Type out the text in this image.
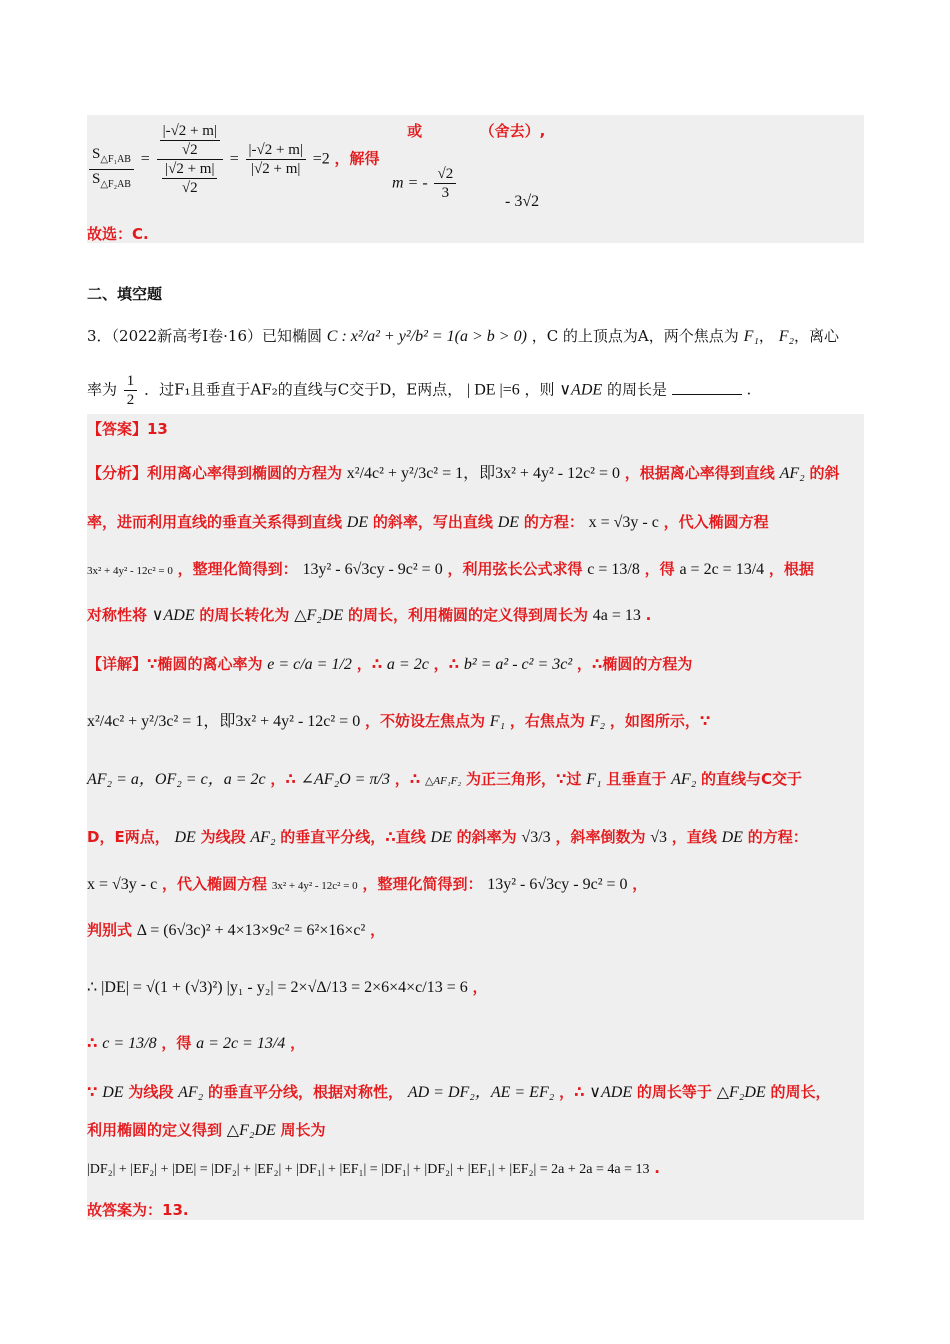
$\frac{S_{\triangle F_1AB}}{S_{\triangle F_2AB}} = \frac{\frac{|-√2 + m|}{√2}}{\frac{|√2 + m|}{√2}} = \frac{|-√2 + m|}{|√2 + m|} =2$ ，解得  或	（舍去）,
m = - $\frac{√2}{3}$	- 3√2
故选：C.
二、填空题
3．（2022新高考Ⅰ卷·16）已知椭圆 C : x²/a² + y²/b² = 1(a > b > 0) ，C 的上顶点为A，两个焦点为 F₁， F₂，离心
率为 $\frac{1}{2}$ ．过F₁且垂直于AF₂的直线与C交于D，E两点， | DE |=6 ，则 ∨ADE 的周长是	.
【答案】13
【分析】利用离心率得到椭圆的方程为 x²/4c² + y²/3c² = 1，即3x² + 4y² - 12c² = 0 ，根据离心率得到直线 AF₂ 的斜
率，进而利用直线的垂直关系得到直线 DE 的斜率，写出直线 DE 的方程： x = √3y - c ，代入椭圆方程
3x² + 4y² - 12c² = 0 ，整理化简得到： 13y² - 6√3cy - 9c² = 0 ，利用弦长公式求得 c = 13/8 ，得 a = 2c = 13/4 ，根据
对称性将 ∨ADE 的周长转化为 △F₂DE 的周长，利用椭圆的定义得到周长为 4a = 13 .
【详解】∵椭圆的离心率为 e = c/a = 1/2 ，∴ a = 2c ，∴ b² = a² - c² = 3c² ，∴椭圆的方程为
x²/4c² + y²/3c² = 1，即3x² + 4y² - 12c² = 0 ，不妨设左焦点为 F₁ ，右焦点为 F₂ ，如图所示，∵
AF₂ = a，OF₂ = c，a = 2c ，∴ ∠AF₂O = π/3 ，∴ △AF₁F₂ 为正三角形，∵过 F₁ 且垂直于 AF₂ 的直线与C交于
D，E两点， DE 为线段 AF₂ 的垂直平分线，∴直线 DE 的斜率为 √3/3 ，斜率倒数为 √3 ，直线 DE 的方程：
x = √3y - c ，代入椭圆方程 3x² + 4y² - 12c² = 0 ，整理化简得到： 13y² - 6√3cy - 9c² = 0 ，
判别式 Δ = (6√3c)² + 4×13×9c² = 6²×16×c² ，
∴ |DE| = √(1 + (√3)²) |y₁ - y₂| = 2×√Δ/13 = 2×6×4×c/13 = 6 ，
∴ c = 13/8 ，得 a = 2c = 13/4 ，
∵ DE 为线段 AF₂ 的垂直平分线，根据对称性， AD = DF₂，AE = EF₂ ，∴ ∨ADE 的周长等于 △F₂DE 的周长，
利用椭圆的定义得到 △F₂DE 周长为
|DF₂| + |EF₂| + |DE| = |DF₂| + |EF₂| + |DF₁| + |EF₁| = |DF₁| + |DF₂| + |EF₁| + |EF₂| = 2a + 2a = 4a = 13 .
故答案为：13.
